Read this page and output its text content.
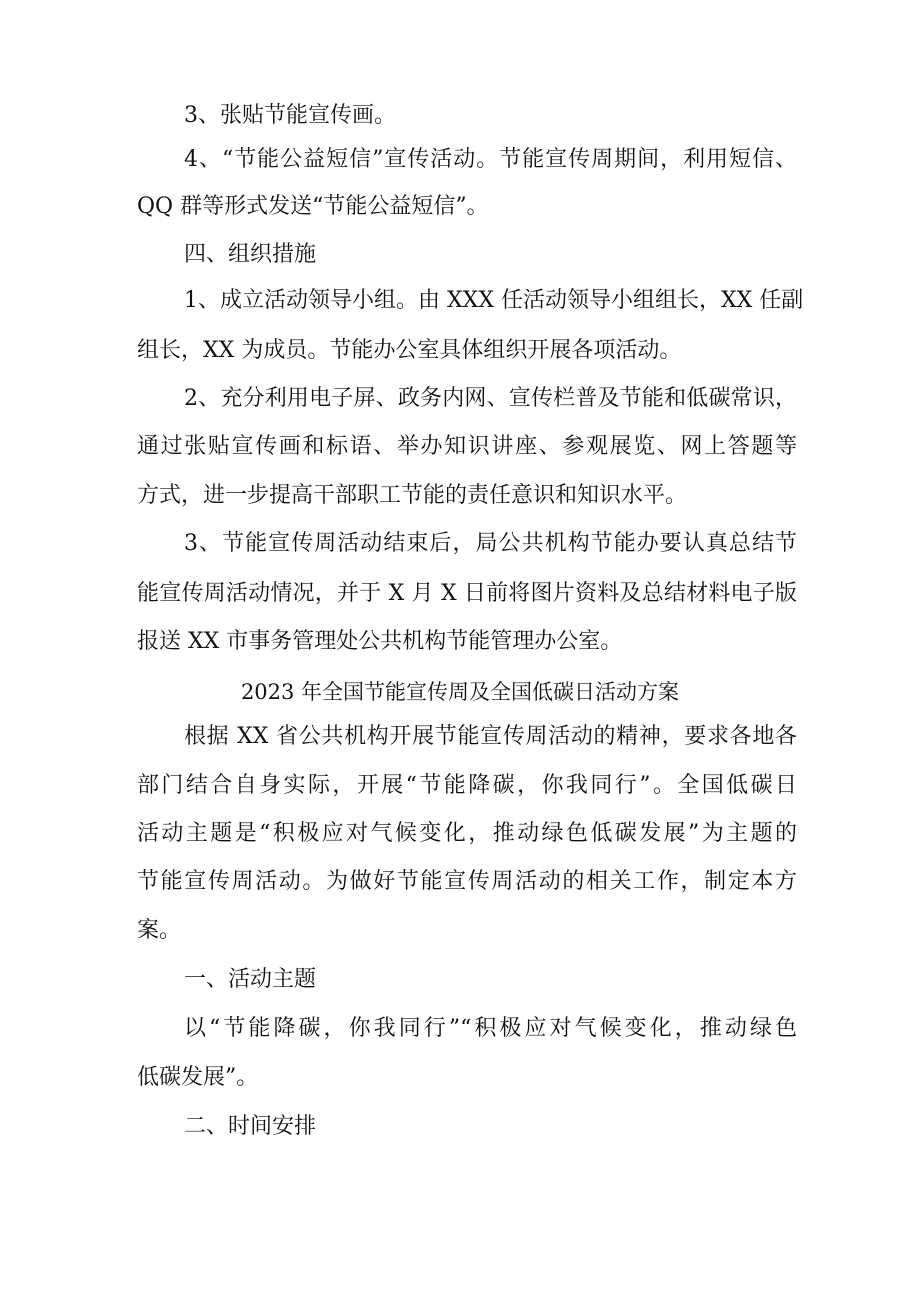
3、张贴节能宣传画。

4、“节能公益短信”宣传活动。节能宣传周期间，利用短信、

QQ 群等形式发送“节能公益短信”。

四、组织措施

1、成立活动领导小组。由 XXX 任活动领导小组组长，XX 任副

组长，XX 为成员。节能办公室具体组织开展各项活动。

2、充分利用电子屏、政务内网、宣传栏普及节能和低碳常识，

通过张贴宣传画和标语、举办知识讲座、参观展览、网上答题等

方式，进一步提高干部职工节能的责任意识和知识水平。

3、节能宣传周活动结束后，局公共机构节能办要认真总结节

能宣传周活动情况，并于 X 月 X 日前将图片资料及总结材料电子版

报送 XX 市事务管理处公共机构节能管理办公室。

2023 年全国节能宣传周及全国低碳日活动方案

根据 XX 省公共机构开展节能宣传周活动的精神，要求各地各

部门结合自身实际，开展“节能降碳，你我同行”。全国低碳日

活动主题是“积极应对气候变化，推动绿色低碳发展”为主题的

节能宣传周活动。为做好节能宣传周活动的相关工作，制定本方

案。

一、活动主题

以“节能降碳，你我同行”“积极应对气候变化，推动绿色

低碳发展”。

二、时间安排
